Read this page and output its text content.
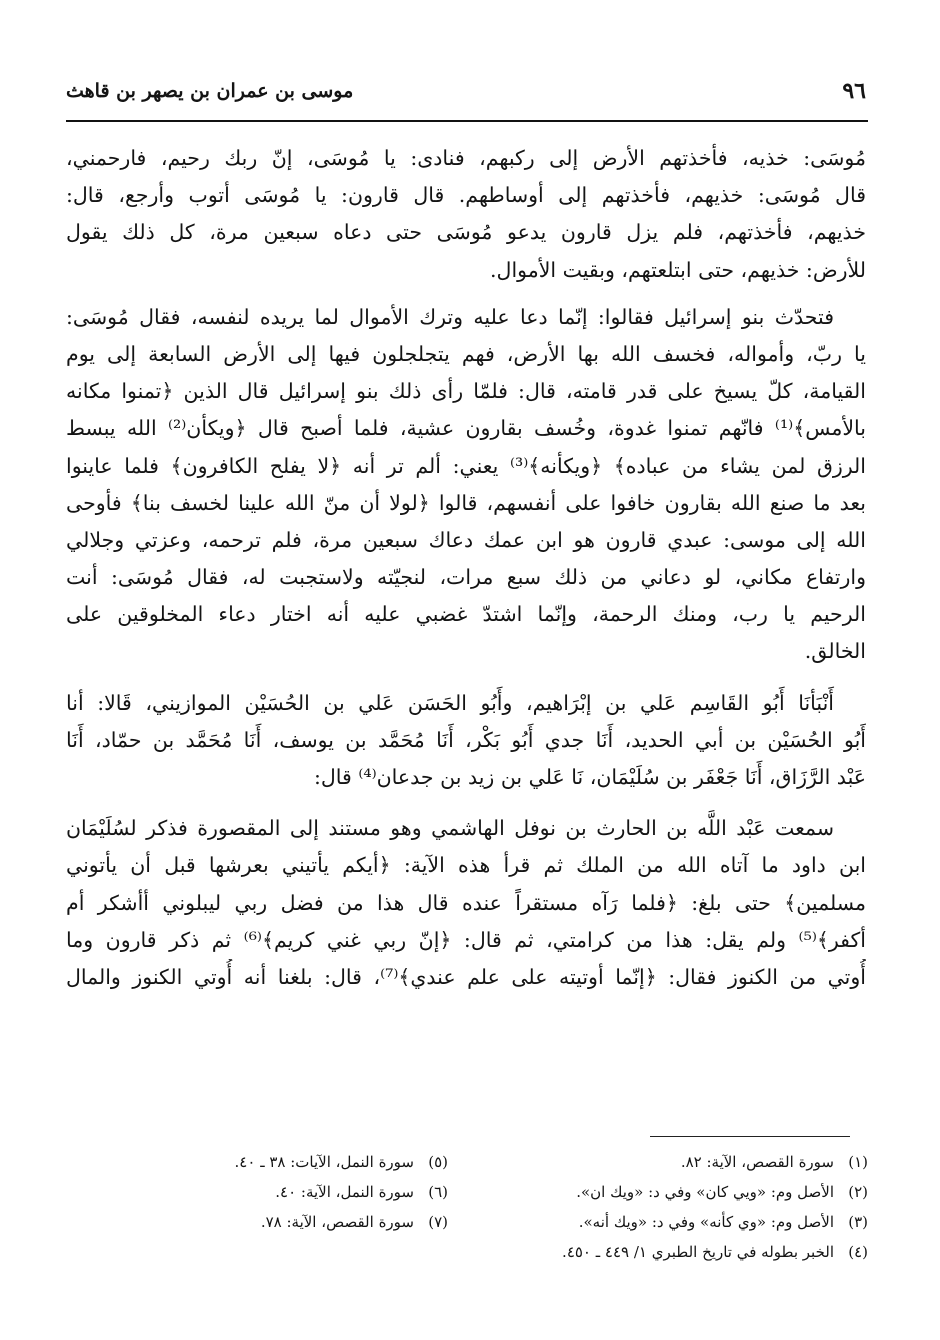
٩٦
موسى بن عمران بن يصهر بن قاهث
مُوسَى: خذيه، فأخذتهم الأرض إلى ركبهم، فنادى: يا مُوسَى، إنّ ربك رحيم، فارحمني،
قال مُوسَى: خذيهم، فأخذتهم إلى أوساطهم. قال قارون: يا مُوسَى أتوب وأرجع، قال:
خذيهم، فأخذتهم، فلم يزل قارون يدعو مُوسَى حتى دعاه سبعين مرة، كل ذلك يقول
للأرض: خذيهم، حتى ابتلعتهم، وبقيت الأموال.
فتحدّث بنو إسرائيل فقالوا: إنّما دعا عليه وترك الأموال لما يريده لنفسه، فقال مُوسَى:
يا ربّ، وأمواله، فخسف الله بها الأرض، فهم يتجلجلون فيها إلى الأرض السابعة إلى يوم
القيامة، كلّ يسيخ على قدر قامته، قال: فلمّا رأى ذلك بنو إسرائيل قال الذين ﴿تمنوا مكانه
بالأمس﴾⁽¹⁾ فانّهم تمنوا غدوة، وخُسف بقارون عشية، فلما أصبح قال ﴿ويكأن⁽²⁾ الله يبسط
الرزق لمن يشاء من عباده﴾ ﴿ويكأنه﴾⁽³⁾ يعني: ألم تر أنه ﴿لا يفلح الكافرون﴾ فلما عاينوا
بعد ما صنع الله بقارون خافوا على أنفسهم، قالوا ﴿لولا أن منّ الله علينا لخسف بنا﴾ فأوحى
الله إلى موسى: عبدي قارون هو ابن عمك دعاك سبعين مرة، فلم ترحمه، وعزتي وجلالي
وارتفاع مكاني، لو دعاني من ذلك سبع مرات، لنجيّته ولاستجبت له، فقال مُوسَى: أنت
الرحيم يا رب، ومنك الرحمة، وإنّما اشتدّ غضبي عليه أنه اختار دعاء المخلوقين على
الخالق.
أَنْبَأنَا أَبُو القَاسِم عَلي بن إبْرَاهيم، وأَبُو الحَسَن عَلي بن الحُسَيْن الموازيني، قَالا: أنا
أَبُو الحُسَيْن بن أبي الحديد، أَنَا جدي أَبُو بَكْر، أَنَا مُحَمَّد بن يوسف، أَنَا مُحَمَّد بن حمّاد، أَنَا
عَبْد الرَّزَاق، أَنَا جَعْفَر بن سُلَيْمَان، نَا عَلي بن زيد بن جدعان⁽⁴⁾ قال:
سمعت عَبْد اللَّه بن الحارث بن نوفل الهاشمي وهو مستند إلى المقصورة فذكر لسُلَيْمَان
ابن داود ما آتاه الله من الملك ثم قرأ هذه الآية: ﴿أيكم يأتيني بعرشها قبل أن يأتوني
مسلمين﴾ حتى بلغ: ﴿فلما رَآه مستقراً عنده قال هذا من فضل ربي ليبلوني أأشكر أم
أكفر﴾⁽⁵⁾ ولم يقل: هذا من كرامتي، ثم قال: ﴿إنّ ربي غني كريم﴾⁽⁶⁾ ثم ذكر قارون وما
أُوتي من الكنوز فقال: ﴿إنّما أوتيته على علم عندي﴾⁽⁷⁾، قال: بلغنا أنه أُوتي الكنوز والمال
(١)سورة القصص، الآية: ٨٢.
(٢)الأصل وم: «ويي كان» وفي د: «ويك ان».
(٣)الأصل وم: «وي كأنه» وفي د: «ويك أنه».
(٤)الخبر بطوله في تاريخ الطبري ١/ ٤٤٩ ـ ٤٥٠.
(٥)سورة النمل، الآيات: ٣٨ ـ ٤٠.
(٦)سورة النمل، الآية: ٤٠.
(٧)سورة القصص، الآية: ٧٨.
